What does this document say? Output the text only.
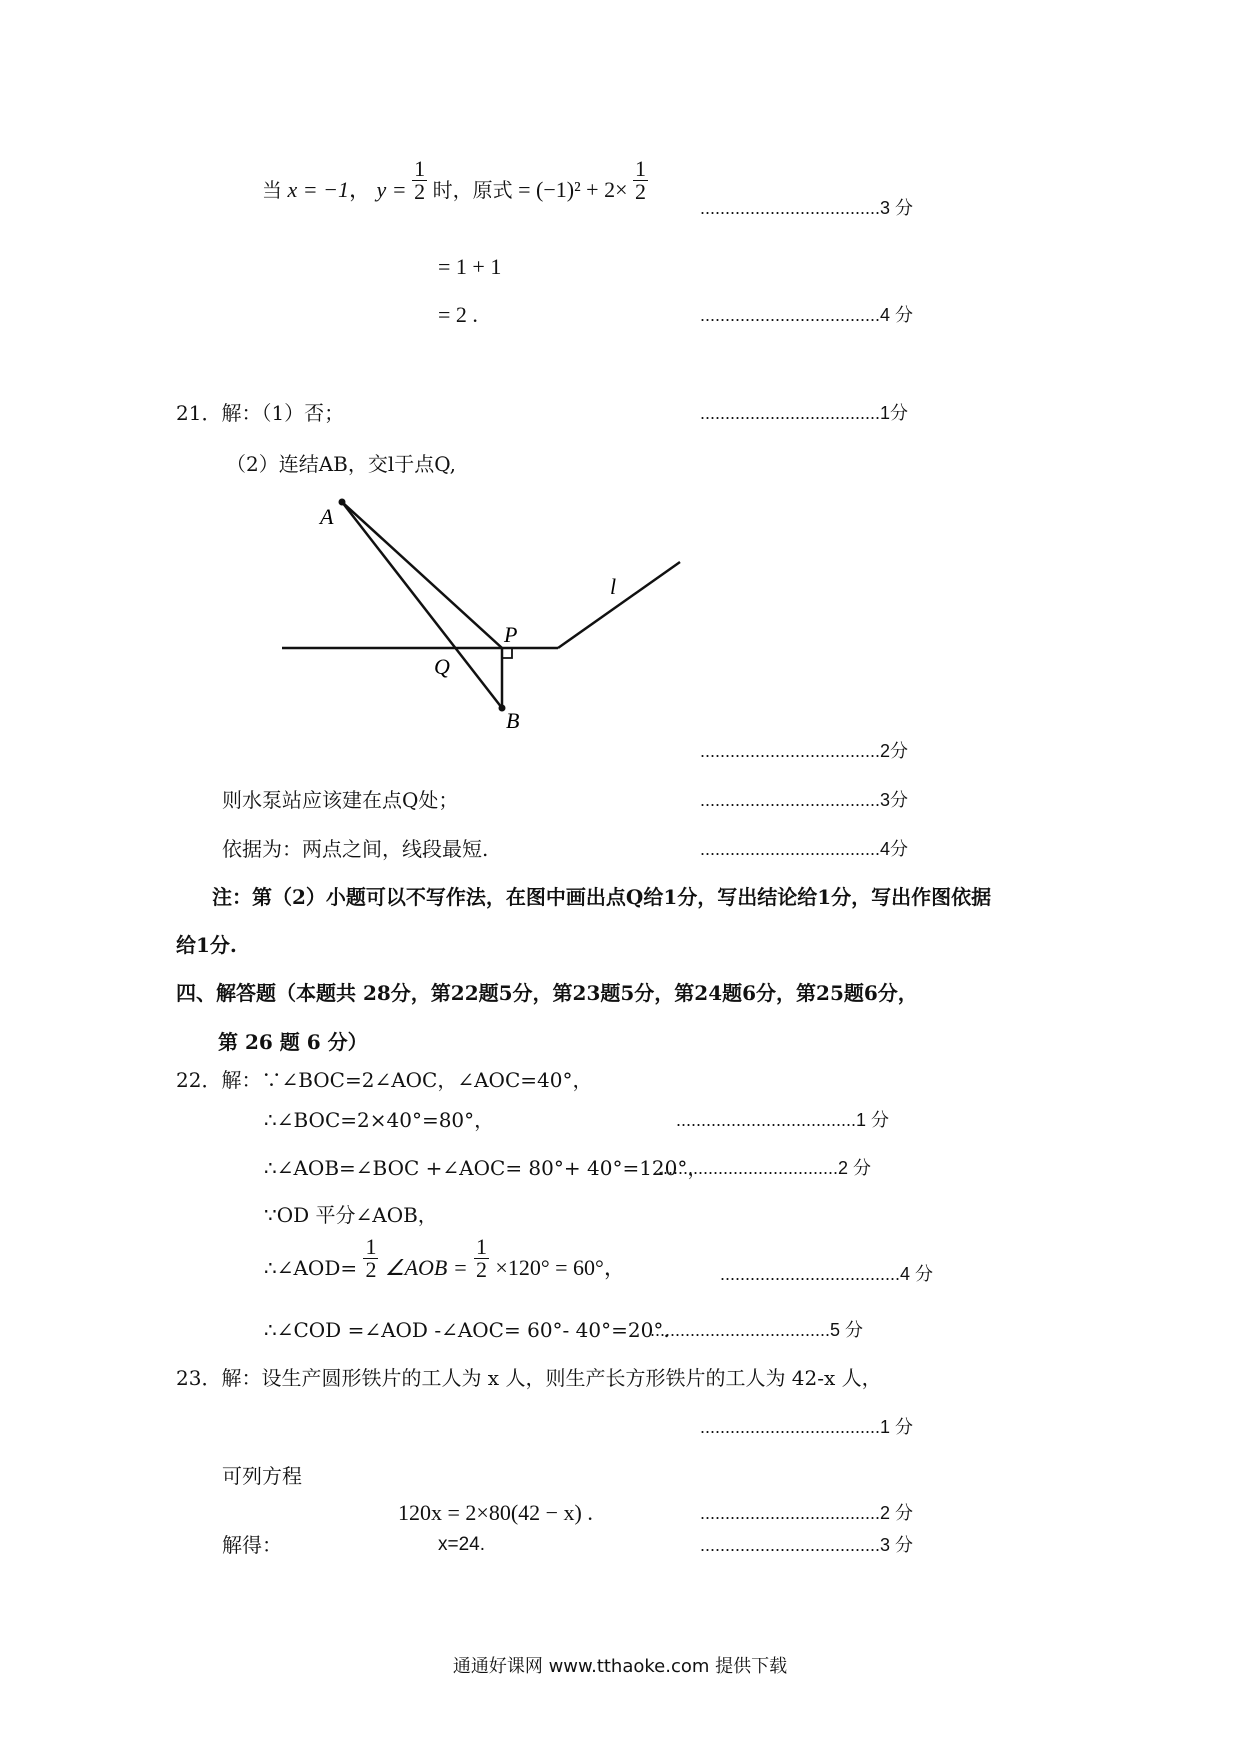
当 x = −1， $y = \frac{1}{2}$ 时，原式 = $(-1)^2 + 2\times \frac{1}{2}$
....................................3 分
= 1 + 1
= 2 .	....................................4 分
21．解：（1）否；	....................................1分
（2）连结AB，交l于点Q,
A
P
Q
B
l
....................................2分
则水泵站应该建在点Q处；	....................................3分
依据为：两点之间，线段最短.	....................................4分
注：第（2）小题可以不写作法，在图中画出点Q给1分，写出结论给1分，写出作图依据
给1分.
四、解答题（本题共 28分，第22题5分，第23题5分，第24题6分，第25题6分，
第 26 题 6 分）
22．解：∵∠BOC=2∠AOC，∠AOC=40°，
∴∠BOC=2×40°=80°，	....................................1 分
∴∠AOB=∠BOC +∠AOC= 80°+ 40°=120°，
....................................2 分
∵OD 平分∠AOB，
∴∠AOD= $\frac{1}{2}$ ∠AOB = $\frac{1}{2} \times 120^\circ = 60^\circ$，	....................................4 分
∴∠COD =∠AOD -∠AOC= 60°- 40°=20°.
....................................5 分
23．解：设生产圆形铁片的工人为 x 人，则生产长方形铁片的工人为 42-x 人，
....................................1 分
可列方程
120x = 2×80(42 − x) .	....................................2 分
解得：	x=24.	....................................3 分
通通好课网 www.tthaoke.com 提供下载
